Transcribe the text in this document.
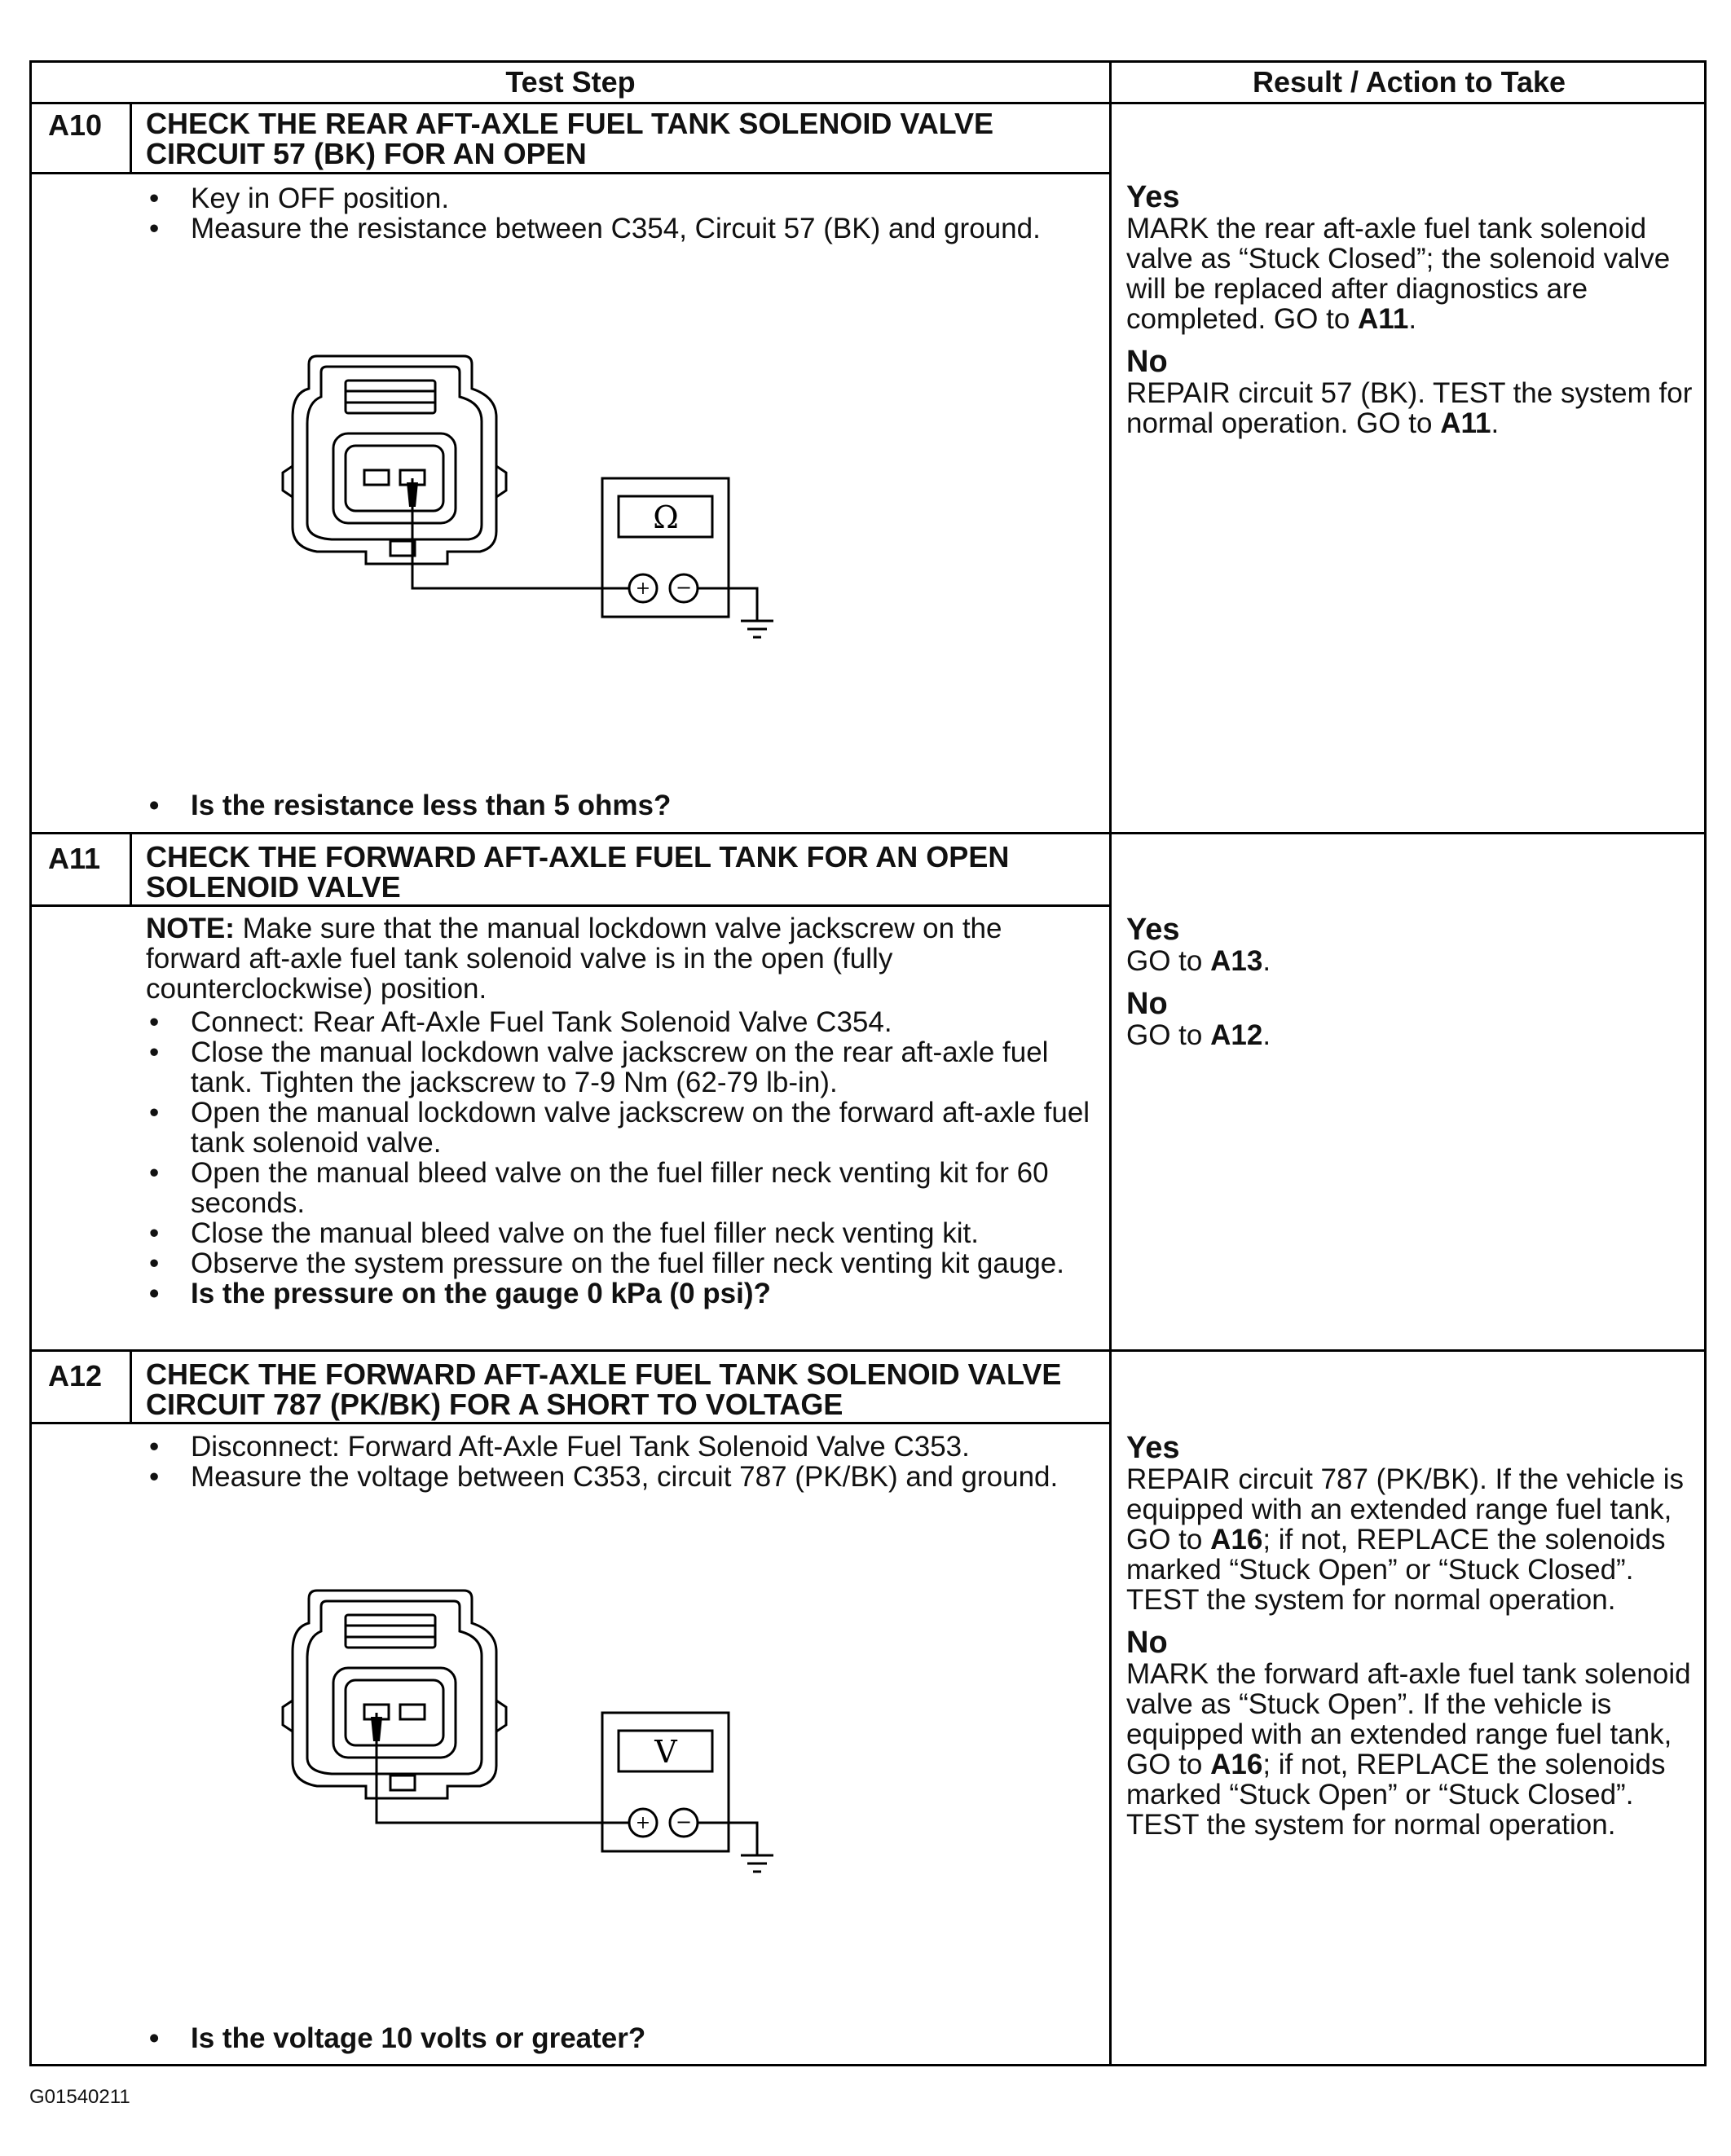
Test Step	Result / Action to Take
A10 CHECK THE REAR AFT-AXLE FUEL TANK SOLENOID VALVE CIRCUIT 57 (BK) FOR AN OPEN
• Key in OFF position.
• Measure the resistance between C354, Circuit 57 (BK) and ground.
+ −
Ω
• Is the resistance less than 5 ohms?
Yes
MARK the rear aft-axle fuel tank solenoid valve as “Stuck Closed”; the solenoid valve will be replaced after diagnostics are completed. GO to A11.
No
REPAIR circuit 57 (BK). TEST the system for normal operation. GO to A11.
A11 CHECK THE FORWARD AFT-AXLE FUEL TANK FOR AN OPEN SOLENOID VALVE
NOTE: Make sure that the manual lockdown valve jackscrew on the forward aft-axle fuel tank solenoid valve is in the open (fully counterclockwise) position.
• Connect: Rear Aft-Axle Fuel Tank Solenoid Valve C354.
• Close the manual lockdown valve jackscrew on the rear aft-axle fuel tank. Tighten the jackscrew to 7-9 Nm (62-79 lb-in).
• Open the manual lockdown valve jackscrew on the forward aft-axle fuel tank solenoid valve.
• Open the manual bleed valve on the fuel filler neck venting kit for 60 seconds.
• Close the manual bleed valve on the fuel filler neck venting kit.
• Observe the system pressure on the fuel filler neck venting kit gauge.
• Is the pressure on the gauge 0 kPa (0 psi)?
Yes
GO to A13.
No
GO to A12.
A12 CHECK THE FORWARD AFT-AXLE FUEL TANK SOLENOID VALVE CIRCUIT 787 (PK/BK) FOR A SHORT TO VOLTAGE
• Disconnect: Forward Aft-Axle Fuel Tank Solenoid Valve C353.
• Measure the voltage between C353, circuit 787 (PK/BK) and ground.
+ −
V
• Is the voltage 10 volts or greater?
Yes
REPAIR circuit 787 (PK/BK). If the vehicle is equipped with an extended range fuel tank, GO to A16; if not, REPLACE the solenoids marked “Stuck Open” or “Stuck Closed”. TEST the system for normal operation.
No
MARK the forward aft-axle fuel tank solenoid valve as “Stuck Open”. If the vehicle is equipped with an extended range fuel tank, GO to A16; if not, REPLACE the solenoids marked “Stuck Open” or “Stuck Closed”. TEST the system for normal operation.
G01540211
